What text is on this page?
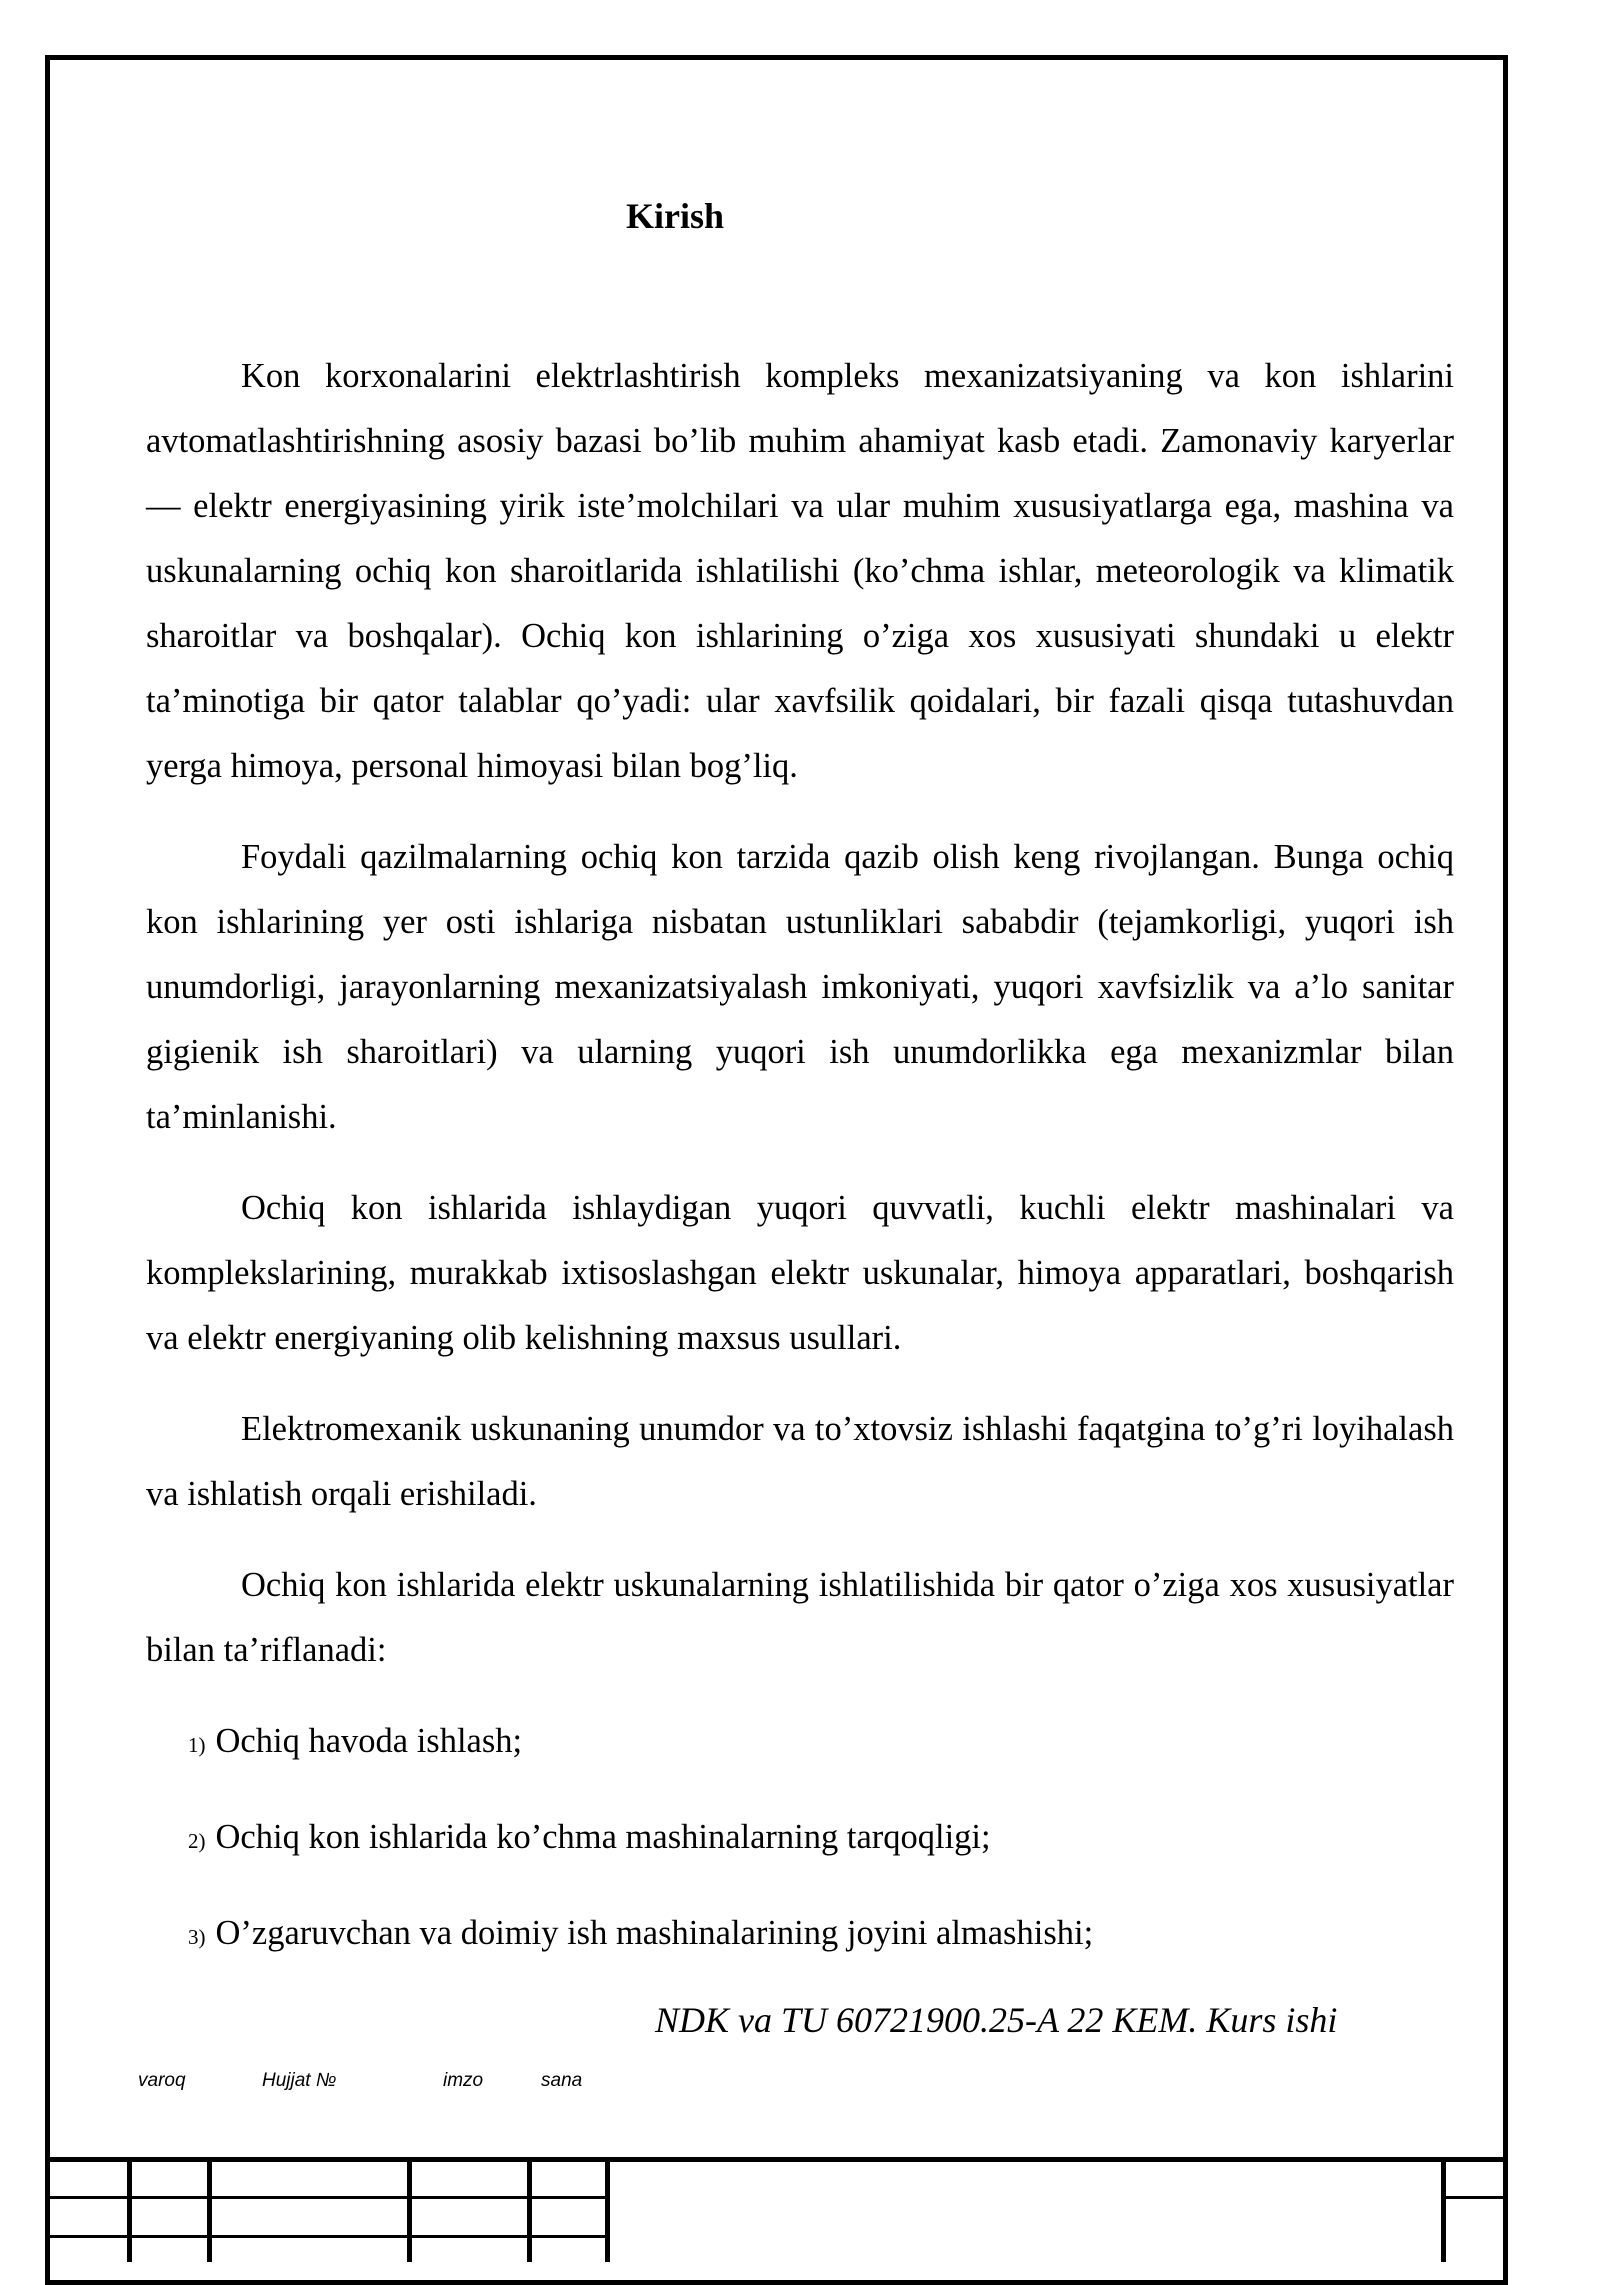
Kirish

Kon korxonalarini elektrlashtirish kompleks mexanizatsiyaning va kon ishlarini avtomatlashtirishning asosiy bazasi bo’lib muhim ahamiyat kasb etadi. Zamonaviy karyerlar — elektr energiyasining yirik iste’molchilari va ular muhim xususiyatlarga ega, mashina va uskunalarning ochiq kon sharoitlarida ishlatilishi (ko’chma ishlar, meteorologik va klimatik sharoitlar va boshqalar). Ochiq kon ishlarining o’ziga xos xususiyati shundaki u elektr ta’minotiga bir qator talablar qo’yadi: ular xavfsilik qoidalari, bir fazali qisqa tutashuvdan yerga himoya, personal himoyasi bilan bog’liq.

Foydali qazilmalarning ochiq kon tarzida qazib olish keng rivojlangan. Bunga ochiq kon ishlarining yer osti ishlariga nisbatan ustunliklari sababdir (tejamkorligi, yuqori ish unumdorligi, jarayonlarning mexanizatsiyalash imkoniyati, yuqori xavfsizlik va a’lo sanitar gigienik ish sharoitlari) va ularning yuqori ish unumdorlikka ega mexanizmlar bilan ta’minlanishi.

Ochiq kon ishlarida ishlaydigan yuqori quvvatli, kuchli elektr mashinalari va komplekslarining, murakkab ixtisoslashgan elektr uskunalar, himoya apparatlari, boshqarish va elektr energiyaning olib kelishning maxsus usullari.

Elektromexanik uskunaning unumdor va to’xtovsiz ishlashi faqatgina to’g’ri loyihalash va ishlatish orqali erishiladi.

Ochiq kon ishlarida elektr uskunalarning ishlatilishida bir qator o’ziga xos xususiyatlar bilan ta’riflanadi:

1) Ochiq havoda ishlash;
2) Ochiq kon ishlarida ko’chma mashinalarning tarqoqligi;
3) O’zgaruvchan va doimiy ish mashinalarining joyini almashishi;
NDK va TU 60721900.25-A 22 KEM. Kurs ishi
varoq	Hujjat №	imzo	sana
